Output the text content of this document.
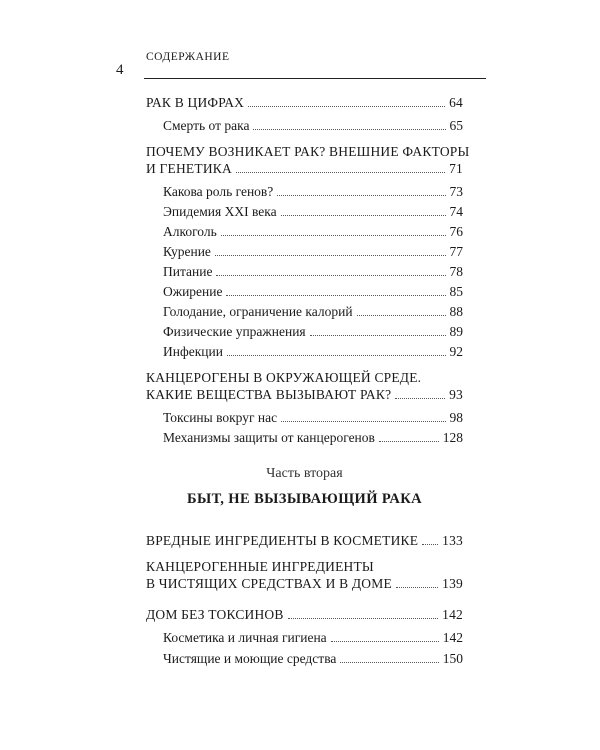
СОДЕРЖАНИЕ
4
РАК В ЦИФРАХ	64
Смерть от рака	65
ПОЧЕМУ ВОЗНИКАЕТ РАК? ВНЕШНИЕ ФАКТОРЫ
И ГЕНЕТИКА	71
Какова роль генов?	73
Эпидемия XXI века	74
Алкоголь	76
Курение	77
Питание	78
Ожирение	85
Голодание, ограничение калорий	88
Физические упражнения	89
Инфекции	92
КАНЦЕРОГЕНЫ В ОКРУЖАЮЩЕЙ СРЕДЕ.
КАКИЕ ВЕЩЕСТВА ВЫЗЫВАЮТ РАК?	93
Токсины вокруг нас	98
Механизмы защиты от канцерогенов	128
Часть вторая
БЫТ, НЕ ВЫЗЫВАЮЩИЙ РАКА
ВРЕДНЫЕ ИНГРЕДИЕНТЫ В КОСМЕТИКЕ 133
КАНЦЕРОГЕННЫЕ ИНГРЕДИЕНТЫ
В ЧИСТЯЩИХ СРЕДСТВАХ И В ДОМЕ	139
ДОМ БЕЗ ТОКСИНОВ	142
Косметика и личная гигиена	142
Чистящие и моющие средства	150
